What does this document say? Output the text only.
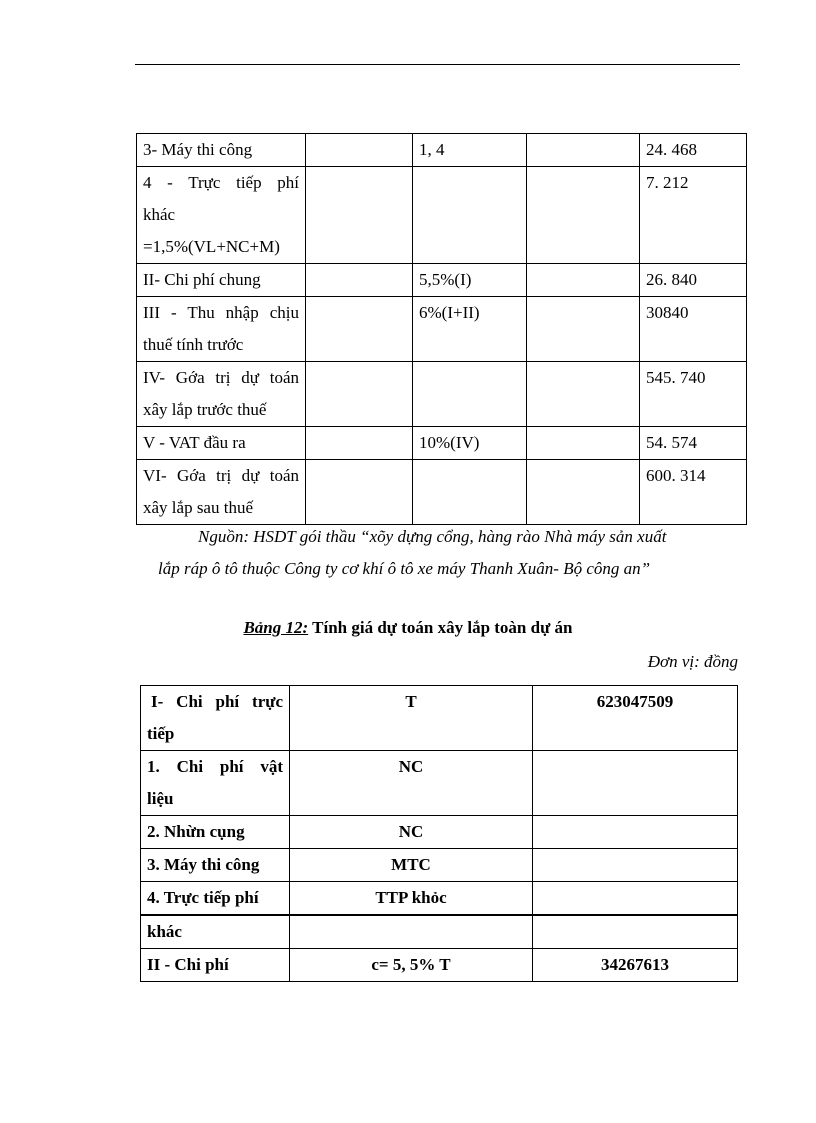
3- Máy thi công		1, 4		24. 468

4 - Trực tiếp phí
khác
=1,5%(VL+NC+M)				7. 212
II- Chi phí chung		5,5%(I)		26. 840

III - Thu nhập chịu
thuế tính trước		6%(I+II)		30840

IV- Gớa trị dự toán
xây lắp trước thuế				545. 740
V - VAT đầu ra		10%(IV)		54. 574

VI- Gớa trị dự toán
xây lắp sau thuế				600. 314
Nguồn: HSDT gói thầu “xõy dựng cổng, hàng rào Nhà máy sản xuất
lắp ráp ô tô thuộc Công ty cơ khí ô tô xe máy Thanh Xuân- Bộ công an”
Bảng 12: Tính giá dự toán xây lắp toàn dự án
Đơn vị: đồng
I- Chi phí trực
tiếp	T	623047509

1. Chi phí vật
liệu	NC	
2. Nhừn cụng	NC	
3. Máy thi công	MTC	
4. Trực tiếp phí	TTP khỏc	
khác		
II - Chi phí	c= 5, 5% T	34267613
